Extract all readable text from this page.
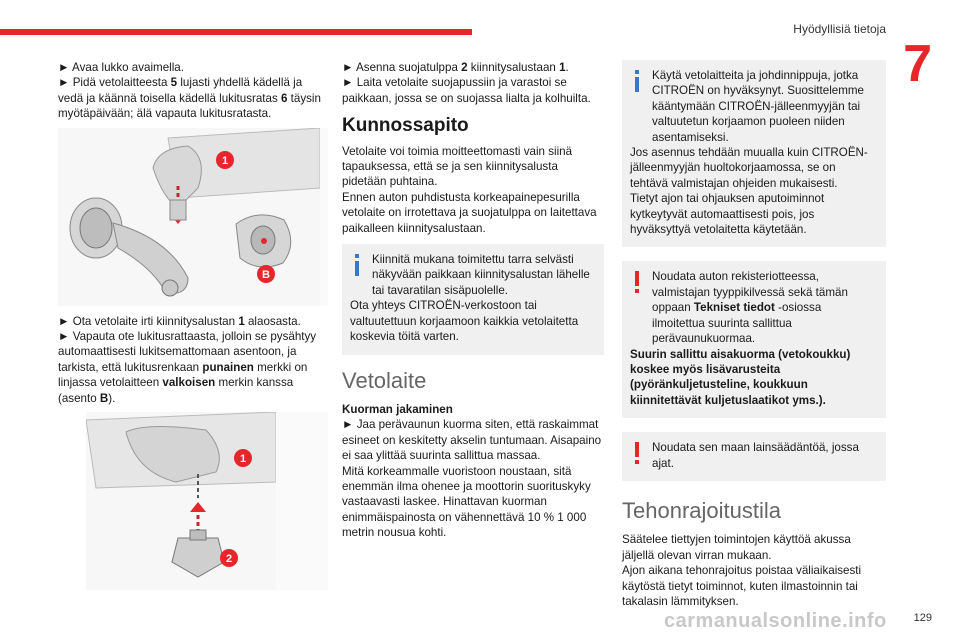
Hyödyllisiä tietoja
7

► Avaa lukko avaimella.

► Pidä vetolaitteesta 5 lujasti yhdellä kädellä ja vedä ja käännä toisella kädellä lukitusratas 6 täysin myötäpäivään; älä vapauta lukitusratasta.

1
B

► Ota vetolaite irti kiinnitysalustan 1 alaosasta.

► Vapauta ote lukitusrattaasta, jolloin se pysähtyy automaattisesti lukitsemattomaan asentoon, ja tarkista, että lukitusrenkaan punainen merkki on linjassa vetolaitteen valkoisen merkin kanssa (asento B).

1
2

► Asenna suojatulppa 2 kiinnitysalustaan 1.

► Laita vetolaite suojapussiin ja varastoi se paikkaan, jossa se on suojassa lialta ja kolhuilta.

Kunnossapito

Vetolaite voi toimia moitteettomasti vain siinä tapauksessa, että se ja sen kiinnitysalusta pidetään puhtaina.

Ennen auton puhdistusta korkeapainepesurilla vetolaite on irrotettava ja suojatulppa on laitettava paikalleen kiinnitysalustaan.

Kiinnitä mukana toimitettu tarra selvästi näkyvään paikkaan kiinnitysalustan lähelle tai tavaratilan sisäpuolelle.

Ota yhteys CITROËN-verkostoon tai valtuutettuun korjaamoon kaikkia vetolaitetta koskevia töitä varten.

Vetolaite

Kuorman jakaminen

► Jaa perävaunun kuorma siten, että raskaimmat esineet on keskitetty akselin tuntumaan. Aisapaino ei saa ylittää suurinta sallittua massaa.

Mitä korkeammalle vuoristoon noustaan, sitä enemmän ilma ohenee ja moottorin suorituskyky vastaavasti laskee. Hinattavan kuorman enimmäispainosta on vähennettävä 10 % 1 000 metrin nousua kohti.

Käytä vetolaitteita ja johdinnippuja, jotka CITROËN on hyväksynyt. Suosittelemme kääntymään CITROËN-jälleenmyyjän tai valtuutetun korjaamon puoleen niiden asentamiseksi.

Jos asennus tehdään muualla kuin CITROËN-jälleenmyyjän huoltokorjaamossa, se on tehtävä valmistajan ohjeiden mukaisesti.

Tietyt ajon tai ohjauksen aputoiminnot kytkeytyvät automaattisesti pois, jos hyväksyttyä vetolaitetta käytetään.

Noudata auton rekisteriotteessa, valmistajan tyyppikilvessä sekä tämän oppaan Tekniset tiedot -osiossa ilmoitettua suurinta sallittua perävaunukuormaa.

Suurin sallittu aisakuorma (vetokoukku) koskee myös lisävarusteita (pyöränkuljetusteline, koukkuun kiinnitettävät kuljetuslaatikot yms.).

Noudata sen maan lainsäädäntöä, jossa ajat.

Tehonrajoitustila

Säätelee tiettyjen toimintojen käyttöä akussa jäljellä olevan virran mukaan.

Ajon aikana tehonrajoitus poistaa väliaikaisesti käytöstä tietyt toiminnot, kuten ilmastoinnin tai takalasin lämmityksen.

carmanualsonline.info 129
